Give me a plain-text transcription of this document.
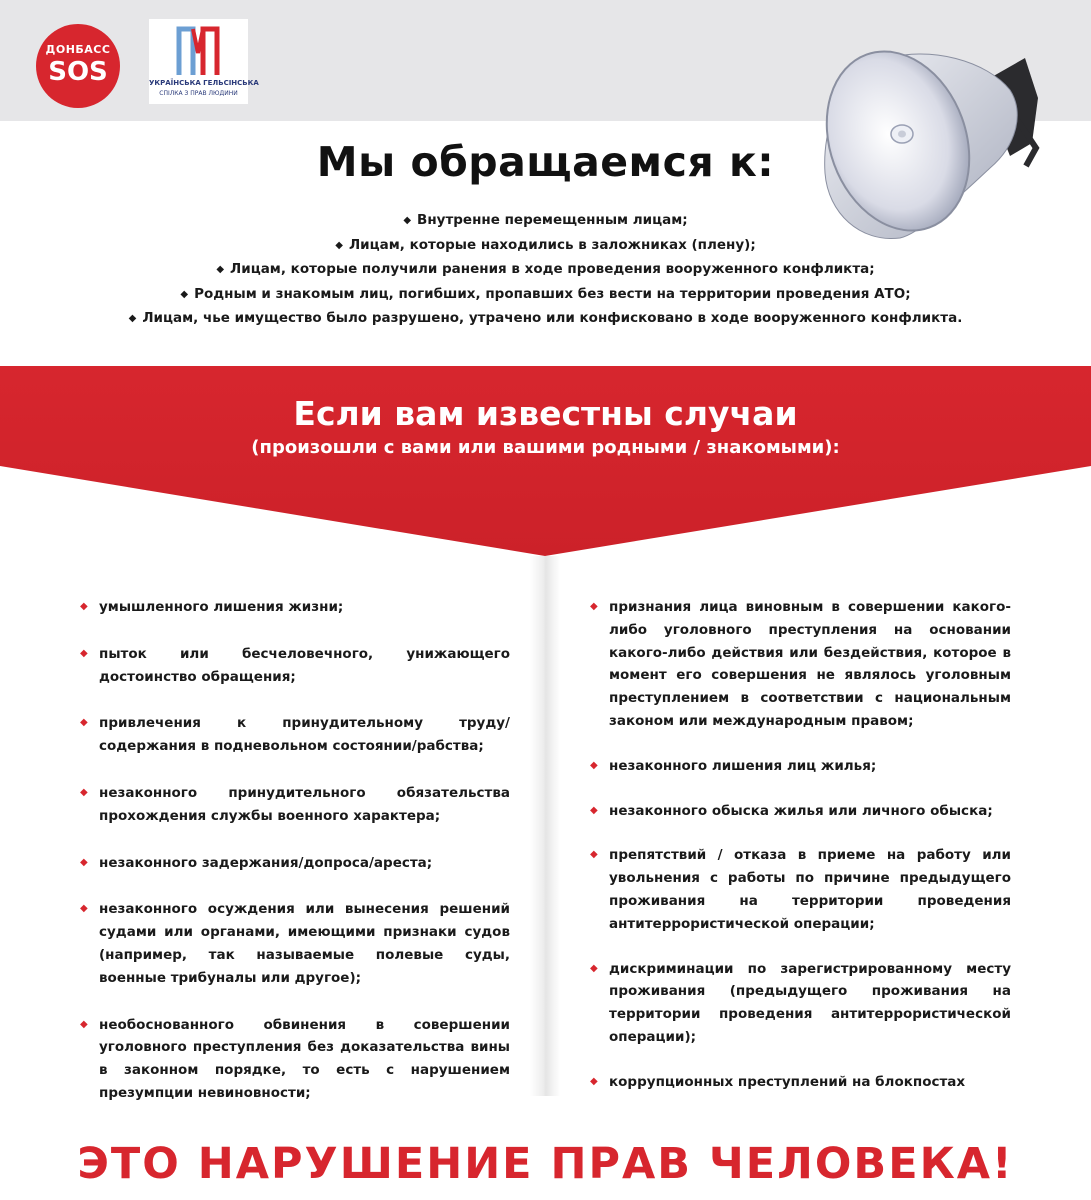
ДОНБАСС
SOS	УКРАЇНСЬКА ГЕЛЬСІНСЬКА
СПІЛКА З ПРАВ ЛЮДИНИ
Мы обращаемся к:
◆ Внутренне перемещенным лицам;
◆ Лицам, которые находились в заложниках (плену);
◆ Лицам, которые получили ранения в ходе проведения вооруженного конфликта;
◆ Родным и знакомым лиц, погибших, пропавших без вести на территории проведения АТО;
◆ Лицам, чье имущество было разрушено, утрачено или конфисковано в ходе вооруженного конфликта.
Если вам известны случаи
(произошли с вами или вашими родными / знакомыми):
◆ умышленного лишения жизни;
◆ пыток или бесчеловечного, унижающего достоинство обращения;
◆ привлечения к принудительному труду/содержания в подневольном состоянии/рабства;
◆ незаконного принудительного обязательства прохождения службы военного характера;
◆ незаконного задержания/допроса/ареста;
◆ незаконного осуждения или вынесения решений судами или органами, имеющими признаки судов (например, так называемые полевые суды, военные трибуналы или другое);
◆ необоснованного обвинения в совершении уголовного преступления без доказательства вины в законном порядке, то есть с нарушением презумпции невиновности;
◆ признания лица виновным в совершении какого-либо уголовного преступления на основании какого-либо действия или бездействия, которое в момент его совершения не являлось уголовным преступлением в соответствии с национальным законом или международным правом;
◆ незаконного лишения лиц жилья;
◆ незаконного обыска жилья или личного обыска;
◆ препятствий / отказа в приеме на работу или увольнения с работы по причине предыдущего проживания на территории проведения антитеррористической операции;
◆ дискриминации по зарегистрированному месту проживания (предыдущего проживания на территории проведения антитеррористической операции);
◆ коррупционных преступлений на блокпостах
ЭТО НАРУШЕНИЕ ПРАВ ЧЕЛОВЕКА!
